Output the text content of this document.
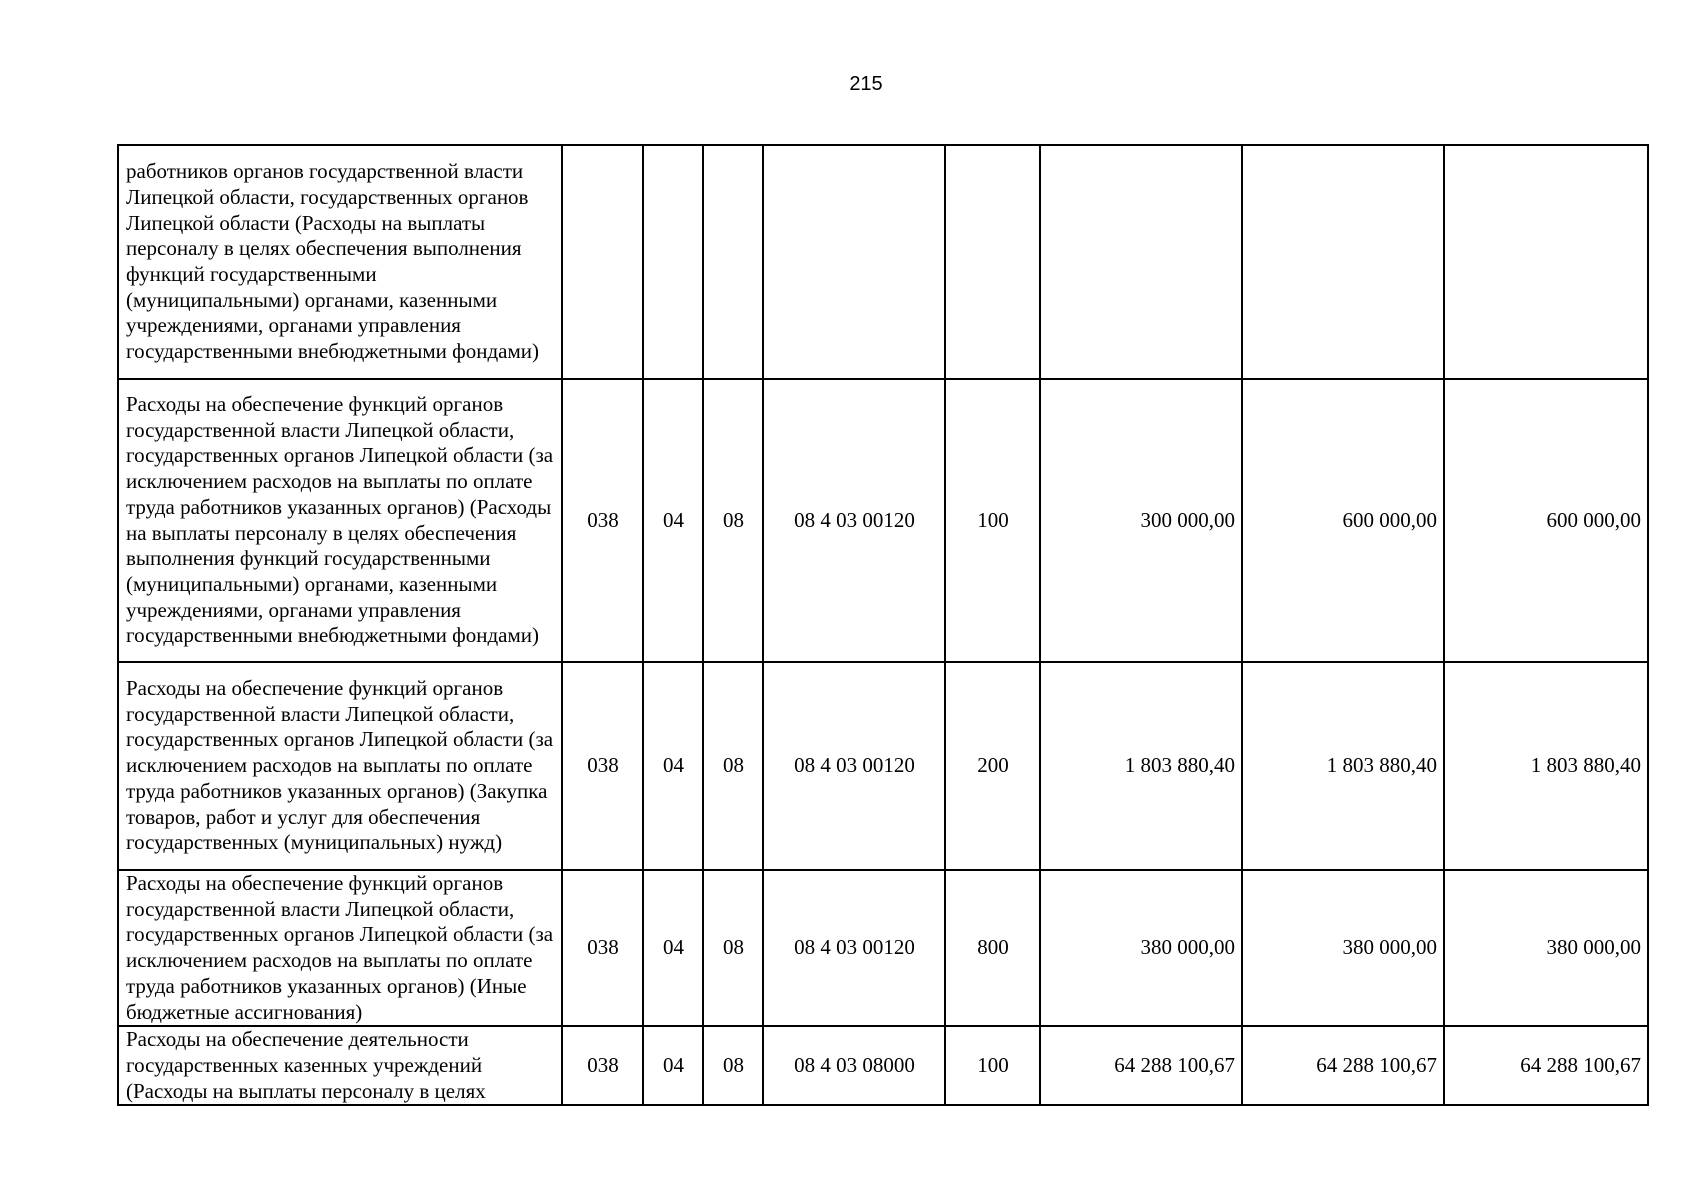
215
работников органов государственной власти Липецкой области, государственных органов Липецкой области (Расходы на выплаты персоналу в целях обеспечения выполнения функций государственными (муниципальными) органами, казенными учреждениями, органами управления государственными внебюджетными фондами)								
Расходы на обеспечение функций органов государственной власти Липецкой области, государственных органов Липецкой области (за исключением расходов на выплаты по оплате труда работников указанных органов) (Расходы на выплаты персоналу в целях обеспечения выполнения функций государственными (муниципальными) органами, казенными учреждениями, органами управления государственными внебюджетными фондами)	038	04	08	08 4 03 00120	100	300 000,00	600 000,00	600 000,00
Расходы на обеспечение функций органов государственной власти Липецкой области, государственных органов Липецкой области (за исключением расходов на выплаты по оплате труда работников указанных органов) (Закупка товаров, работ и услуг для обеспечения государственных (муниципальных) нужд)	038	04	08	08 4 03 00120	200	1 803 880,40	1 803 880,40	1 803 880,40
Расходы на обеспечение функций органов государственной власти Липецкой области, государственных органов Липецкой области (за исключением расходов на выплаты по оплате труда работников указанных органов) (Иные бюджетные ассигнования)	038	04	08	08 4 03 00120	800	380 000,00	380 000,00	380 000,00
Расходы на обеспечение деятельности государственных казенных учреждений (Расходы на выплаты персоналу в целях	038	04	08	08 4 03 08000	100	64 288 100,67	64 288 100,67	64 288 100,67
